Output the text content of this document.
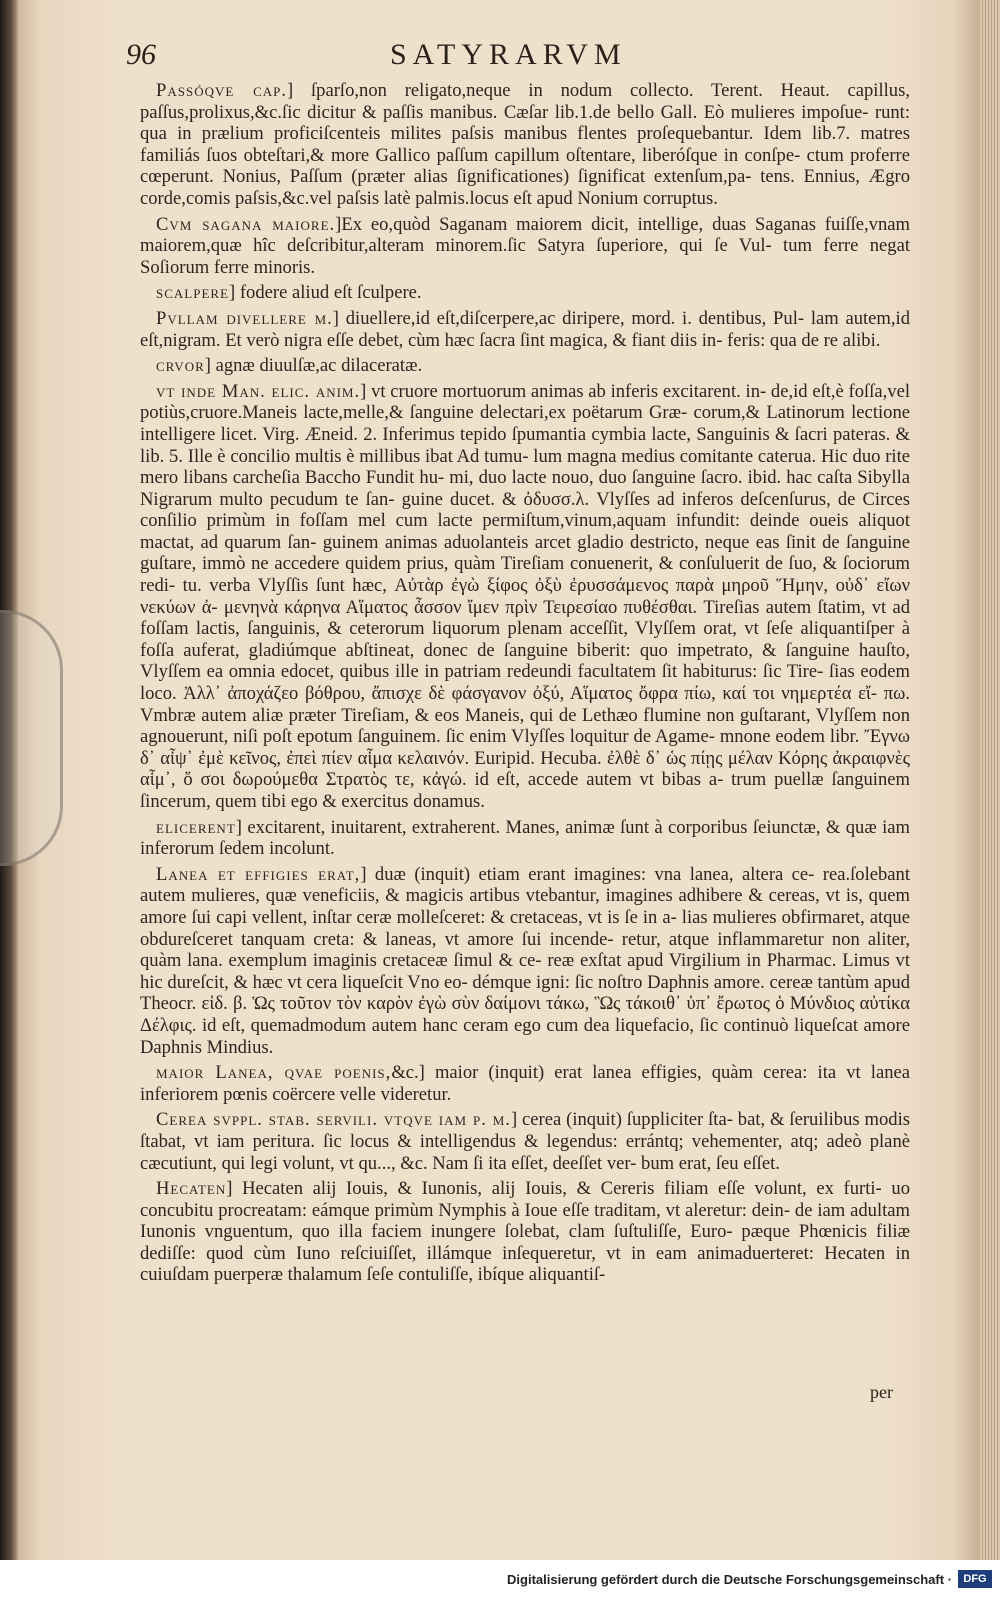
96	SATYRARVM

Passóqve cap.] ſparſo,non religato,neque in nodum collecto. Terent. Heaut. capillus, paſſus,prolixus,&c.ſic dicitur & paſſis manibus. Cæſar lib.1.de bello Gall. Eò mulieres impoſue- runt: qua in prælium proficiſcenteis milites paſsis manibus flentes proſequebantur. Idem lib.7. matres familiás ſuos obteſtari,& more Gallico paſſum capillum oſtentare, liberóſque in conſpe- ctum proferre cœperunt. Nonius, Paſſum (præter alias ſignificationes) ſignificat extenſum,pa- tens. Ennius, Ægro corde,comis paſsis,&c.vel paſsis latè palmis.locus eſt apud Nonium corruptus.

Cvm sagana maiore.]Ex eo,quòd Saganam maiorem dicit, intellige, duas Saganas fuiſſe,vnam maiorem,quæ hîc deſcribitur,alteram minorem.ſic Satyra ſuperiore, qui ſe Vul- tum ferre negat Soſiorum ferre minoris.

scalpere] fodere aliud eſt ſculpere.

Pvllam divellere m.] diuellere,id eſt,diſcerpere,ac diripere, mord. i. dentibus, Pul- lam autem,id eſt,nigram. Et verò nigra eſſe debet, cùm hæc ſacra ſint magica, & fiant diis in- feris: qua de re alibi.

crvor] agnæ diuulſæ,ac dilaceratæ.

vt inde Man. elic. anim.] vt cruore mortuorum animas ab inferis excitarent. in- de,id eſt,è foſſa,vel potiùs,cruore.Maneis lacte,melle,& ſanguine delectari,ex poëtarum Græ- corum,& Latinorum lectione intelligere licet. Virg. Æneid. 2. Inferimus tepido ſpumantia cymbia lacte, Sanguinis & ſacri pateras. & lib. 5. Ille è concilio multis è millibus ibat Ad tumu- lum magna medius comitante caterua. Hic duo rite mero libans carcheſia Baccho Fundit hu- mi, duo lacte nouo, duo ſanguine ſacro. ibid. hac caſta Sibylla Nigrarum multo pecudum te ſan- guine ducet. & ὀδυσσ.λ. Vlyſſes ad inferos deſcenſurus, de Circes conſilio primùm in foſſam mel cum lacte permiſtum,vinum,aquam infundit: deinde oueis aliquot mactat, ad quarum ſan- guinem animas aduolanteis arcet gladio destricto, neque eas ſinit de ſanguine guſtare, immò ne accedere quidem prius, quàm Tireſiam conuenerit, & conſuluerit de ſuo, & ſociorum redi- tu. verba Vlyſſis ſunt hæc, Αὐτὰρ ἐγὼ ξίφος ὀξὺ ἐρυσσάμενος παρὰ μηροῦ Ἥμην, οὐδ᾽ εἴων νεκύων ἀ- μενηνὰ κάρηνα Αἵματος ἆσσον ἴμεν πρὶν Τειρεσίαο πυθέσθαι. Tireſias autem ſtatim, vt ad foſſam lactis, ſanguinis, & ceterorum liquorum plenam acceſſit, Vlyſſem orat, vt ſeſe aliquantiſper à foſſa auferat, gladiúmque abſtineat, donec de ſanguine biberit: quo impetrato, & ſanguine hauſto, Vlyſſem ea omnia edocet, quibus ille in patriam redeundi facultatem ſit habiturus: ſic Tire- ſias eodem loco. Ἀλλ᾽ ἀποχάζεο βόθρου, ἄπισχε δὲ φάσγανον ὀξύ, Αἵματος ὄφρα πίω, καί τοι νημερτέα εἴ- πω. Vmbræ autem aliæ præter Tireſiam, & eos Maneis, qui de Lethæo flumine non guſtarant, Vlyſſem non agnouerunt, niſi poſt epotum ſanguinem. ſic enim Vlyſſes loquitur de Agame- mnone eodem libr. Ἔγνω δ᾽ αἶψ᾽ ἐμὲ κεῖνος, ἐπεὶ πίεν αἷμα κελαινόν. Euripid. Hecuba. ἐλθὲ δ᾽ ὡς πίῃς μέλαν Κόρης ἀκραιφνὲς αἷμ᾽, ὅ σοι δωρούμεθα Στρατὸς τε, κἀγώ. id eſt, accede autem vt bibas a- trum puellæ ſanguinem ſincerum, quem tibi ego & exercitus donamus.

elicerent] excitarent, inuitarent, extraherent. Manes, animæ ſunt à corporibus ſeiunctæ, & quæ iam inferorum ſedem incolunt.

Lanea et effigies erat,] duæ (inquit) etiam erant imagines: vna lanea, altera ce- rea.ſolebant autem mulieres, quæ veneficiis, & magicis artibus vtebantur, imagines adhibere & cereas, vt is, quem amore ſui capi vellent, inſtar ceræ molleſceret: & cretaceas, vt is ſe in a- lias mulieres obfirmaret, atque obdureſceret tanquam creta: & laneas, vt amore ſui incende- retur, atque inflammaretur non aliter, quàm lana. exemplum imaginis cretaceæ ſimul & ce- reæ exſtat apud Virgilium in Pharmac. Limus vt hic dureſcit, & hæc vt cera liqueſcit Vno eo- démque igni: ſic noſtro Daphnis amore. cereæ tantùm apud Theocr. εἰδ. β. Ὡς τοῦτον τὸν καρὸν ἐγὼ σὺν δαίμονι τάκω, Ὣς τάκοιθ᾽ ὑπ᾽ ἔρωτος ὁ Μύνδιος αὐτίκα Δέλφις. id eſt, quemadmodum autem hanc ceram ego cum dea liquefacio, ſic continuò liqueſcat amore Daphnis Mindius.

maior Lanea, qvae poenis,&c.] maior (inquit) erat lanea effigies, quàm cerea: ita vt lanea inferiorem pœnis coërcere velle videretur.

Cerea svppl. stab. servili. vtqve iam p. m.] cerea (inquit) ſuppliciter ſta- bat, & ſeruilibus modis ſtabat, vt iam peritura. ſic locus & intelligendus & legendus: errántq; vehementer, atq; adeò planè cæcutiunt, qui legi volunt, vt qu..., &c. Nam ſi ita eſſet, deeſſet ver- bum erat, ſeu eſſet.

Hecaten] Hecaten alij Iouis, & Iunonis, alij Iouis, & Cereris filiam eſſe volunt, ex furti- uo concubitu procreatam: eámque primùm Nymphis à Ioue eſſe traditam, vt aleretur: dein- de iam adultam Iunonis vnguentum, quo illa faciem inungere ſolebat, clam ſuſtuliſſe, Euro- pæque Phœnicis filiæ dediſſe: quod cùm Iuno reſciuiſſet, illámque inſequeretur, vt in eam animaduerteret: Hecaten in cuiuſdam puerperæ thalamum ſeſe contuliſſe, ibíque aliquantiſ-

per
Digitalisierung gefördert durch die Deutsche Forschungsgemeinschaft ·	DFG
